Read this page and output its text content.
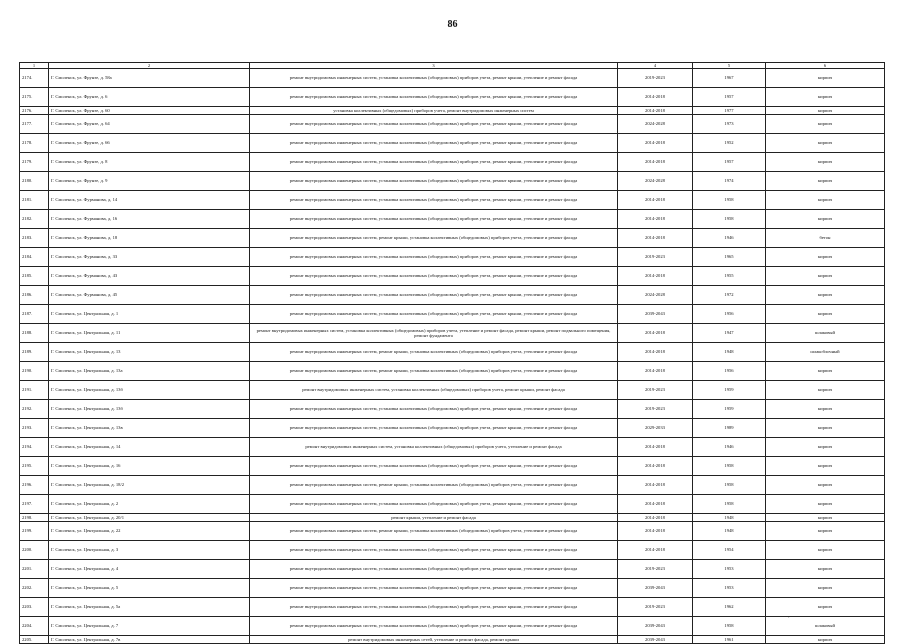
86
1	2	3	4	5	6
2174.	Г. Смоленск, ул. Фрунзе, д. 58а	ремонт внутридомовых инженерных систем, установка коллективных (общедомовых) приборов учета, ремонт крыши, утепление и ремонт фасада	2019-2023	1967	кирпич
2175.	Г. Смоленск, ул. Фрунзе, д. 6	ремонт внутридомовых инженерных систем, установка коллективных (общедомовых) приборов учета, ремонт крыши, утепление и ремонт фасада	2014-2018	1957	кирпич
2176.	Г. Смоленск, ул. Фрунзе, д. 60	установка коллективных (общедомовых) приборов учета, ремонт внутридомовых инженерных систем	2014-2018	1977	кирпич
2177.	Г. Смоленск, ул. Фрунзе, д. 64	ремонт внутридомовых инженерных систем, установка коллективных (общедомовых) приборов учета, ремонт крыши, утепление и ремонт фасада	2024-2028	1973	кирпич
2178.	Г. Смоленск, ул. Фрунзе, д. 66	ремонт внутридомовых инженерных систем, установка коллективных (общедомовых) приборов учета, ремонт крыши, утепление и ремонт фасада	2014-2018	1952	кирпич
2179.	Г. Смоленск, ул. Фрунзе, д. 8	ремонт внутридомовых инженерных систем, установка коллективных (общедомовых) приборов учета, ремонт крыши, утепление и ремонт фасада	2014-2018	1957	кирпич
2180.	Г. Смоленск, ул. Фрунзе, д. 9	ремонт внутридомовых инженерных систем, установка коллективных (общедомовых) приборов учета, ремонт крыши, утепление и ремонт фасада	2024-2028	1974	кирпич
2181.	Г. Смоленск, ул. Фурманова, д. 14	ремонт внутридомовых инженерных систем, установка коллективных (общедомовых) приборов учета, ремонт крыши, утепление и ремонт фасада	2014-2018	1958	кирпич
2182.	Г. Смоленск, ул. Фурманова, д. 16	ремонт внутридомовых инженерных систем, установка коллективных (общедомовых) приборов учета, ремонт крыши, утепление и ремонт фасада	2014-2018	1958	кирпич
2183.	Г. Смоленск, ул. Фурманова, д. 18	ремонт внутридомовых инженерных систем, ремонт крыши, установка коллективных (общедомовых) приборов учета, утепление и ремонт фасада	2014-2018	1946	бетон
2184.	Г. Смоленск, ул. Фурманова, д. 33	ремонт внутридомовых инженерных систем, установка коллективных (общедомовых) приборов учета, ремонт крыши, утепление и ремонт фасада	2019-2023	1965	кирпич
2185.	Г. Смоленск, ул. Фурманова, д. 43	ремонт внутридомовых инженерных систем, установка коллективных (общедомовых) приборов учета, ремонт крыши, утепление и ремонт фасада	2014-2018	1955	кирпич
2186.	Г. Смоленск, ул. Фурманова, д. 45	ремонт внутридомовых инженерных систем, установка коллективных (общедомовых) приборов учета, ремонт крыши, утепление и ремонт фасада	2024-2028	1972	кирпич
2187.	Г. Смоленск, ул. Центральная, д. 1	ремонт внутридомовых инженерных систем, установка коллективных (общедомовых) приборов учета, ремонт крыши, утепление и ремонт фасада	2039-2043	1956	кирпич
2188.	Г. Смоленск, ул. Центральная, д. 11	ремонт внутридомовых инженерных систем, установка коллективных (общедомовых) приборов учета, утепление и ремонт фасада, ремонт крыши, ремонт подвального помещения, ремонт фундамента	2014-2018	1947	шлаковый
2189.	Г. Смоленск, ул. Центральная, д. 13	ремонт внутридомовых инженерных систем, ремонт крыши, установка коллективных (общедомовых) приборов учета, утепление и ремонт фасада	2014-2018	1948	шлакоблочный
2190.	Г. Смоленск, ул. Центральная, д. 13а	ремонт внутридомовых инженерных систем, ремонт крыши, установка коллективных (общедомовых) приборов учета, утепление и ремонт фасада	2014-2018	1956	кирпич
2191.	Г. Смоленск, ул. Центральная, д. 13б	ремонт внутридомовых инженерных систем, установка коллективных (общедомовых) приборов учета, ремонт крыши, ремонт фасада	2019-2023	1959	кирпич
2192.	Г. Смоленск, ул. Центральная, д. 13б	ремонт внутридомовых инженерных систем, установка коллективных (общедомовых) приборов учета, ремонт крыши, утепление и ремонт фасада	2019-2023	1959	кирпич
2193.	Г. Смоленск, ул. Центральная, д. 13в	ремонт внутридомовых инженерных систем, установка коллективных (общедомовых) приборов учета, ремонт крыши, утепление и ремонт фасада	2029-2033	1989	кирпич
2194.	Г. Смоленск, ул. Центральная, д. 14	ремонт внутридомовых инженерных систем, установка коллективных (общедомовых) приборов учета, утепление и ремонт фасада	2014-2018	1946	кирпич
2195.	Г. Смоленск, ул. Центральная, д. 16	ремонт внутридомовых инженерных систем, установка коллективных (общедомовых) приборов учета, ремонт крыши, утепление и ремонт фасада	2014-2018	1958	кирпич
2196.	Г. Смоленск, ул. Центральная, д. 18/2	ремонт внутридомовых инженерных систем, ремонт крыши, установка коллективных (общедомовых) приборов учета, утепление и ремонт фасада	2014-2018	1958	кирпич
2197.	Г. Смоленск, ул. Центральная, д. 2	ремонт внутридомовых инженерных систем, установка коллективных (общедомовых) приборов учета, ремонт крыши, утепление и ремонт фасада	2014-2018	1958	кирпич
2198.	Г. Смоленск, ул. Центральная, д. 20/1	ремонт крыши, утепление и ремонт фасада	2014-2018	1948	кирпич
2199.	Г. Смоленск, ул. Центральная, д. 22	ремонт внутридомовых инженерных систем, ремонт крыши, установка коллективных (общедомовых) приборов учета, утепление и ремонт фасада	2014-2018	1948	кирпич
2200.	Г. Смоленск, ул. Центральная, д. 3	ремонт внутридомовых инженерных систем, установка коллективных (общедомовых) приборов учета, ремонт крыши, утепление и ремонт фасада	2014-2018	1954	кирпич
2201.	Г. Смоленск, ул. Центральная, д. 4	ремонт внутридомовых инженерных систем, установка коллективных (общедомовых) приборов учета, ремонт крыши, утепление и ремонт фасада	2019-2023	1953	кирпич
2202.	Г. Смоленск, ул. Центральная, д. 5	ремонт внутридомовых инженерных систем, установка коллективных (общедомовых) приборов учета, ремонт крыши, утепление и ремонт фасада	2039-2043	1953	кирпич
2203.	Г. Смоленск, ул. Центральная, д. 5а	ремонт внутридомовых инженерных систем, установка коллективных (общедомовых) приборов учета, ремонт крыши, утепление и ремонт фасада	2019-2023	1962	кирпич
2204.	Г. Смоленск, ул. Центральная, д. 7	ремонт внутридомовых инженерных систем, установка коллективных (общедомовых) приборов учета, ремонт крыши, утепление и ремонт фасада	2039-2043	1958	шлаковый
2205.	Г. Смоленск, ул. Центральная, д. 7в	ремонт внутридомовых инженерных сетей, утепление и ремонт фасада, ремонт крыши	2039-2043	1961	кирпич
·
